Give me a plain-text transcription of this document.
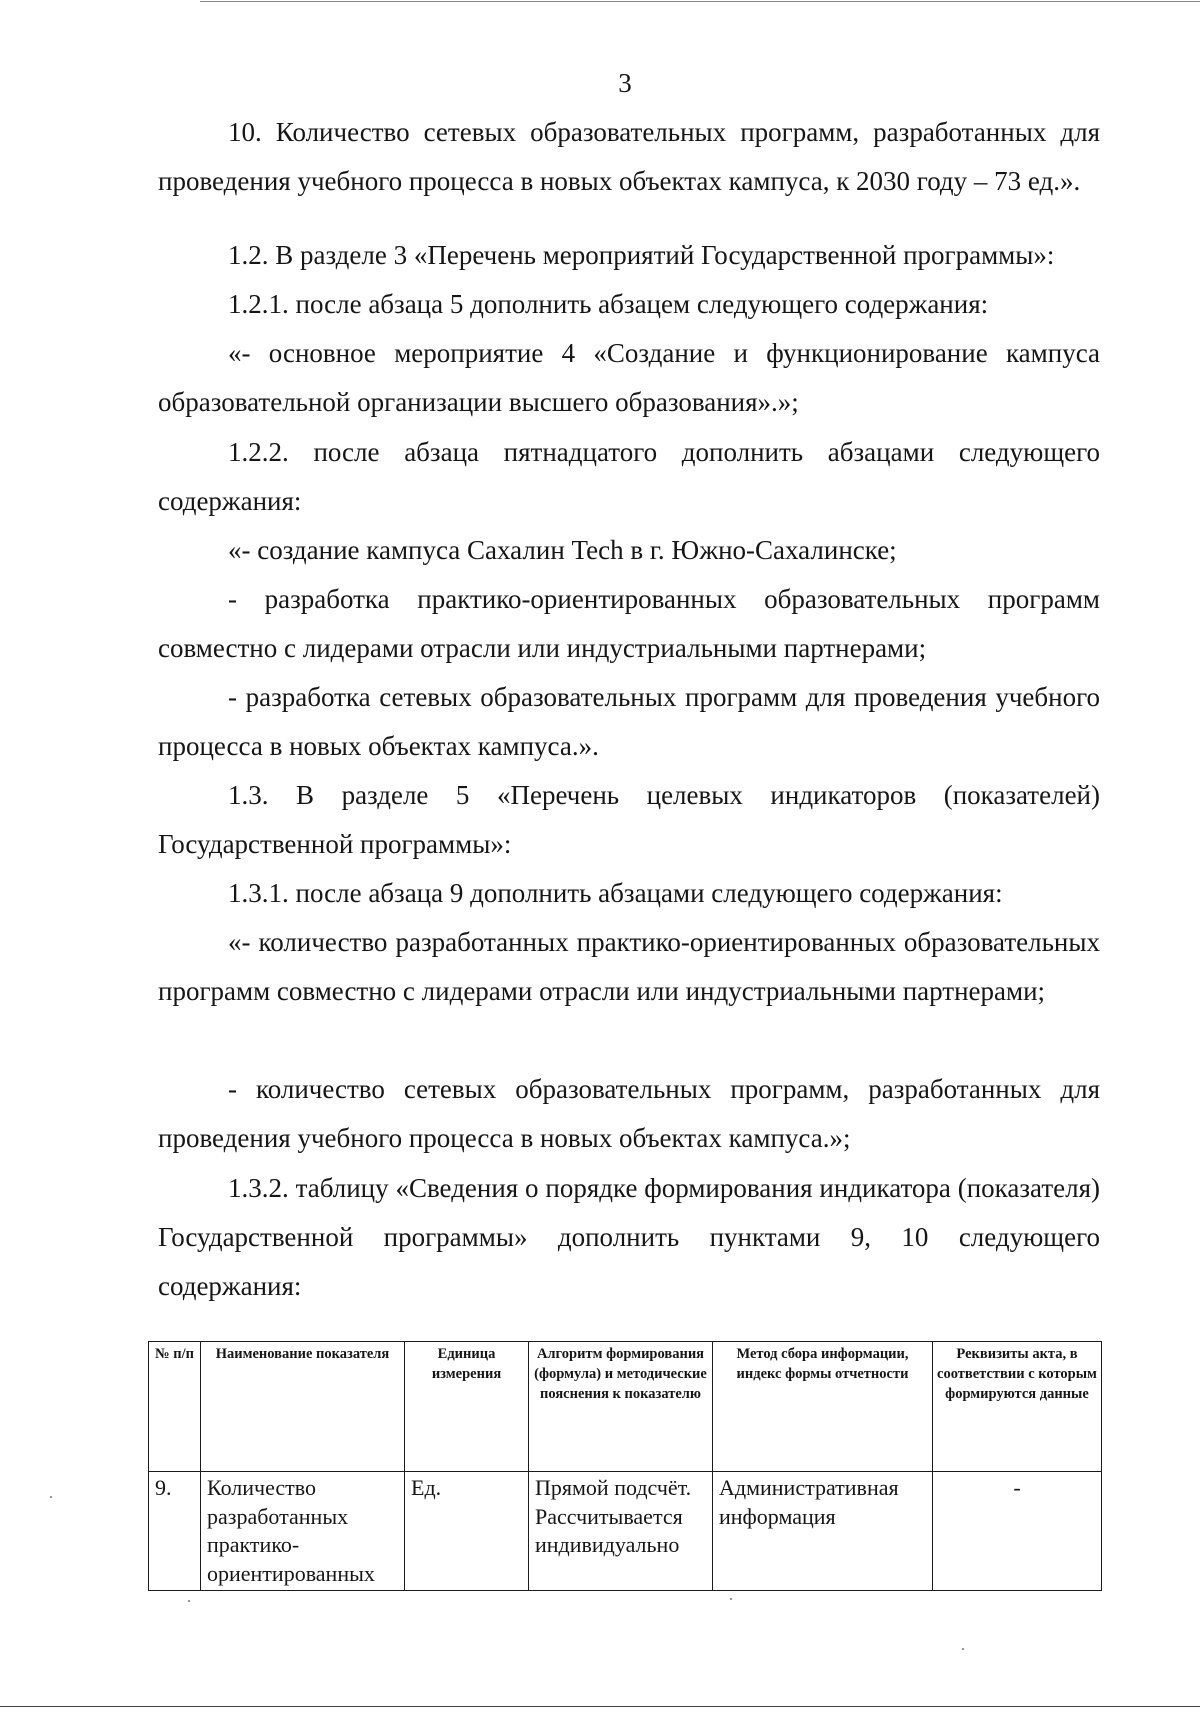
3

10. Количество сетевых образовательных программ, разработанных для проведения учебного процесса в новых объектах кампуса, к 2030 году – 73 ед.».

1.2. В разделе 3 «Перечень мероприятий Государственной программы»:

1.2.1. после абзаца 5 дополнить абзацем следующего содержания:

«- основное мероприятие 4 «Создание и функционирование кампуса образовательной организации высшего образования».»;

1.2.2. после абзаца пятнадцатого дополнить абзацами следующего содержания:

«- создание кампуса Сахалин Tech в г. Южно-Сахалинске;

- разработка практико-ориентированных образовательных программ совместно с лидерами отрасли или индустриальными партнерами;

- разработка сетевых образовательных программ для проведения учебного процесса в новых объектах кампуса.».

1.3. В разделе 5 «Перечень целевых индикаторов (показателей) Государственной программы»:

1.3.1. после абзаца 9 дополнить абзацами следующего содержания:

«- количество разработанных практико-ориентированных образовательных программ совместно с лидерами отрасли или индустриальными партнерами;

- количество сетевых образовательных программ, разработанных для проведения учебного процесса в новых объектах кампуса.»;

1.3.2. таблицу «Сведения о порядке формирования индикатора (показателя) Государственной программы» дополнить пунктами 9, 10 следующего содержания:

№ п/п	Наименование показателя	Единица измерения	Алгоритм формирования (формула) и методические пояснения к показателю	Метод сбора информации, индекс формы отчетности	Реквизиты акта, в соответствии с которым формируются данные
9.	Количество разработанных практико-ориентированных	Ед.	Прямой подсчёт. Рассчитывается индивидуально	Административная информация	-
